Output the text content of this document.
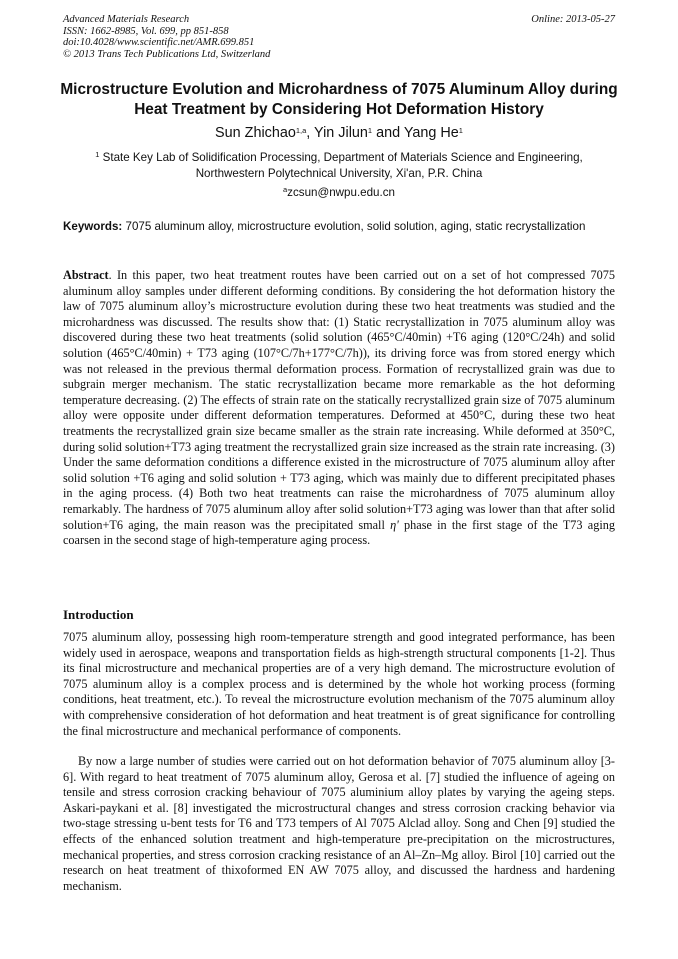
Advanced Materials Research
ISSN: 1662-8985, Vol. 699, pp 851-858
doi:10.4028/www.scientific.net/AMR.699.851
© 2013 Trans Tech Publications Ltd, Switzerland
Online: 2013-05-27
Microstructure Evolution and Microhardness of 7075 Aluminum Alloy during Heat Treatment by Considering Hot Deformation History
Sun Zhichao$^{1,a}$, Yin Jilun$^1$ and Yang He$^1$
$^1$ State Key Lab of Solidification Processing, Department of Materials Science and Engineering, Northwestern Polytechnical University, Xi'an, P.R. China
$^a$zcsun@nwpu.edu.cn
Keywords: 7075 aluminum alloy, microstructure evolution, solid solution, aging, static recrystallization
Abstract. In this paper, two heat treatment routes have been carried out on a set of hot compressed 7075 aluminum alloy samples under different deforming conditions. By considering the hot deformation history the law of 7075 aluminum alloy’s microstructure evolution during these two heat treatments was studied and the microhardness was discussed. The results show that: (1) Static recrystallization in 7075 aluminum alloy was discovered during these two heat treatments (solid solution (465°C/40min) +T6 aging (120°C/24h) and solid solution (465°C/40min) + T73 aging (107°C/7h+177°C/7h)), its driving force was from stored energy which was not released in the previous thermal deformation process. Formation of recrystallized grain was due to subgrain merger mechanism. The static recrystallization became more remarkable as the hot deforming temperature decreasing. (2) The effects of strain rate on the statically recrystallized grain size of 7075 aluminum alloy were opposite under different deformation temperatures. Deformed at 450°C, during these two heat treatments the recrystallized grain size became smaller as the strain rate increasing. While deformed at 350°C, during solid solution+T73 aging treatment the recrystallized grain size increased as the strain rate increasing. (3) Under the same deformation conditions a difference existed in the microstructure of 7075 aluminum alloy after solid solution +T6 aging and solid solution + T73 aging, which was mainly due to different precipitated phases in the aging process. (4) Both two heat treatments can raise the microhardness of 7075 aluminum alloy remarkably. The hardness of 7075 aluminum alloy after solid solution+T73 aging was lower than that after solid solution+T6 aging, the main reason was the precipitated small η' phase in the first stage of the T73 aging coarsen in the second stage of high-temperature aging process.
Introduction
7075 aluminum alloy, possessing high room-temperature strength and good integrated performance, has been widely used in aerospace, weapons and transportation fields as high-strength structural components [1-2]. Thus its final microstructure and mechanical properties are of a very high demand. The microstructure evolution of 7075 aluminum alloy is a complex process and is determined by the whole hot working process (forming conditions, heat treatment, etc.). To reveal the microstructure evolution mechanism of the 7075 aluminum alloy with comprehensive consideration of hot deformation and heat treatment is of great significance for controlling the final microstructure and mechanical performance of components.
By now a large number of studies were carried out on hot deformation behavior of 7075 aluminum alloy [3-6]. With regard to heat treatment of 7075 aluminum alloy, Gerosa et al. [7] studied the influence of ageing on tensile and stress corrosion cracking behaviour of 7075 aluminium alloy plates by varying the ageing steps. Askari-paykani et al. [8] investigated the microstructural changes and stress corrosion cracking behavior via two-stage stressing u-bent tests for T6 and T73 tempers of Al 7075 Alclad alloy. Song and Chen [9] studied the effects of the enhanced solution treatment and high-temperature pre-precipitation on the microstructures, mechanical properties, and stress corrosion cracking resistance of an Al–Zn–Mg alloy. Birol [10] carried out the research on heat treatment of thixoformed EN AW 7075 alloy, and discussed the hardness and hardening mechanism.
